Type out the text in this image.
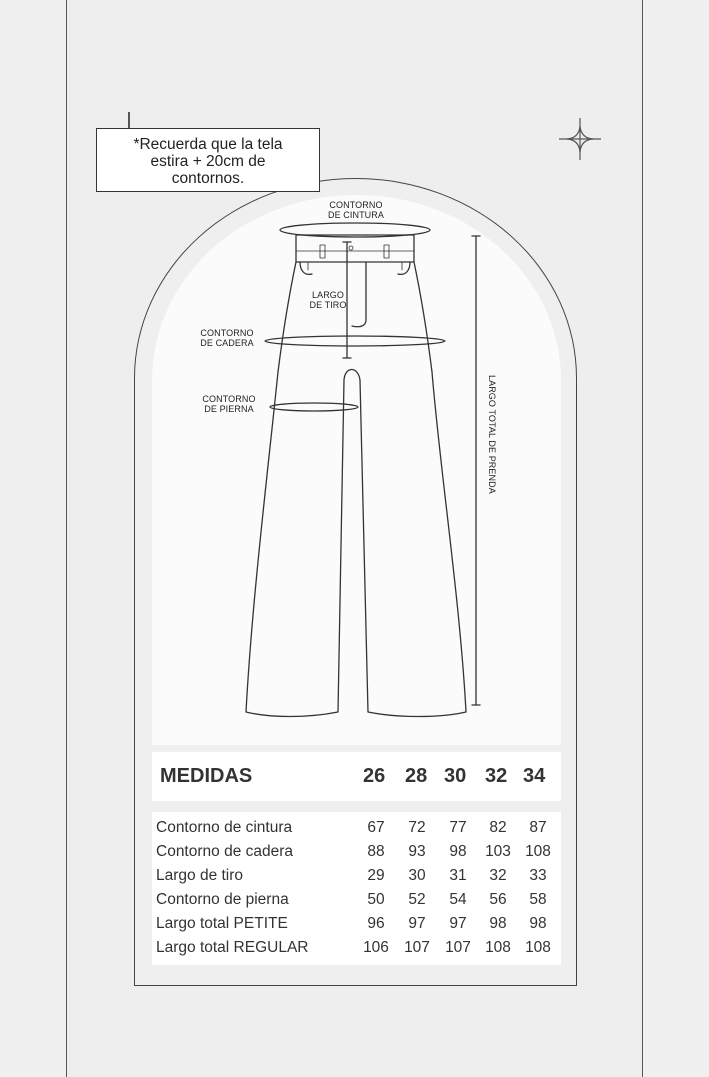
*Recuerda que la tela
estira + 20cm de
contornos.
CONTORNO
DE CINTURA
LARGO
DE TIRO
CONTORNO
DE CADERA
CONTORNO
DE PIERNA	LARGO TOTAL DE PRENDA
MEDIDAS	26 28 30 32 34
Contorno de cintura	67	72	77	82	87
Contorno de cadera	88	93	98	103 108
Largo de tiro	29	30	31	32	33
Contorno de pierna	50	52	54	56	58
Largo total PETITE	96	97	97	98	98
Largo total REGULAR	106 107 107 108 108
